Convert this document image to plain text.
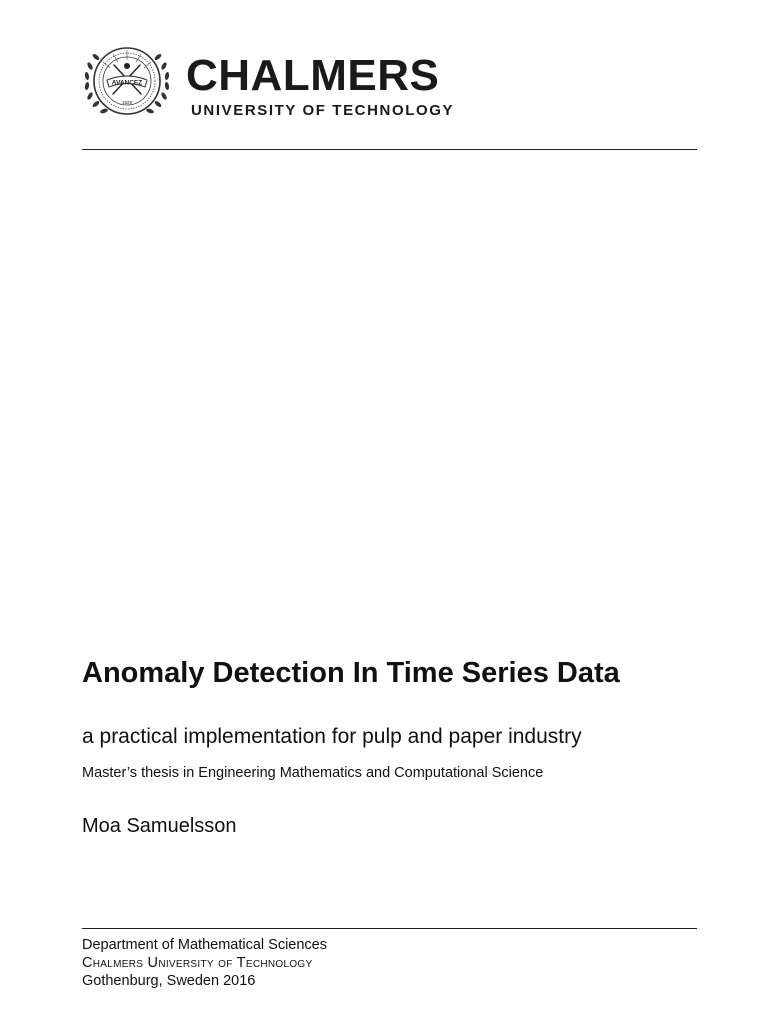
AVANCEZ
1829
CHALMERS
UNIVERSITY OF TECHNOLOGY
Anomaly Detection In Time Series Data
a practical implementation for pulp and paper industry
Master’s thesis in Engineering Mathematics and Computational Science
Moa Samuelsson
Department of Mathematical Sciences
Chalmers University of Technology
Gothenburg, Sweden 2016
